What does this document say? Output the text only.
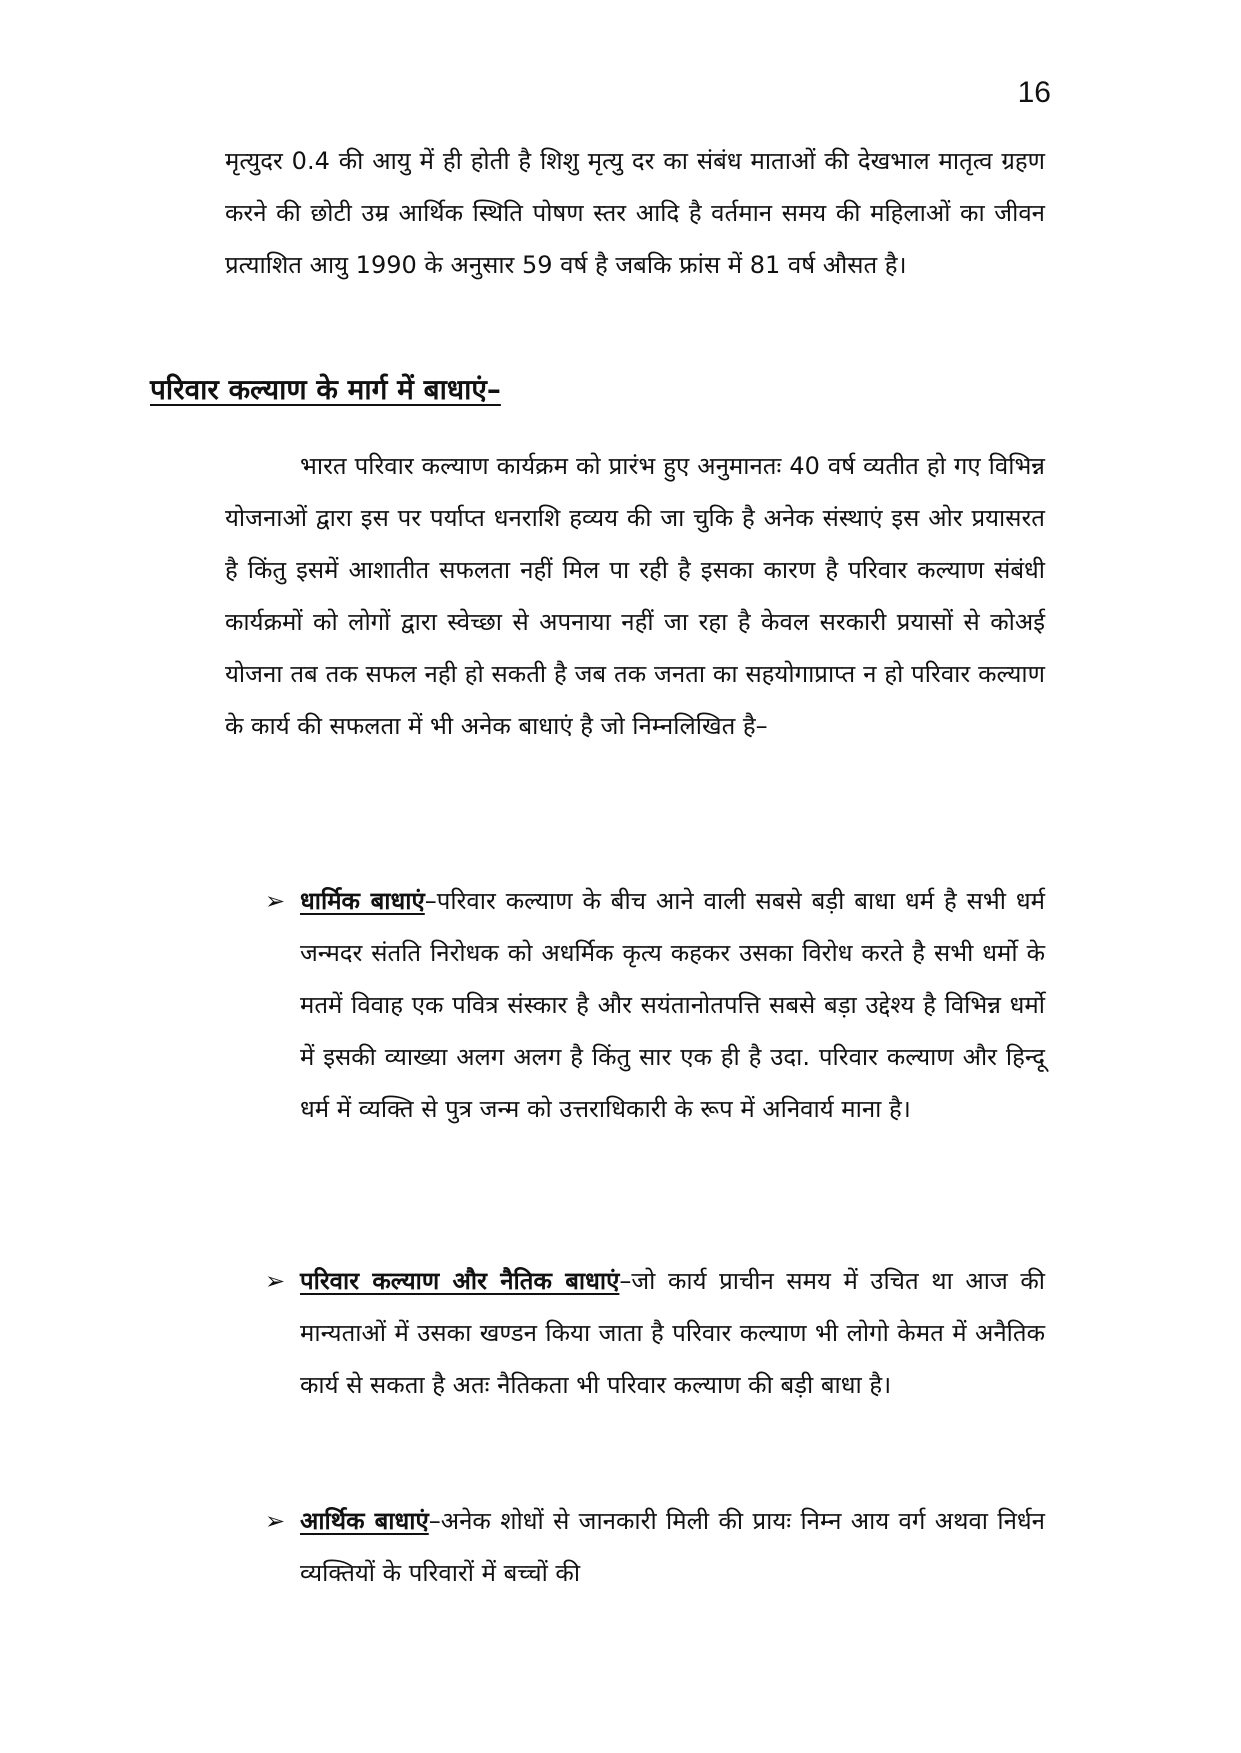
16

मृत्युदर 0.4 की आयु में ही होती है शिशु मृत्यु दर का संबंध माताओं की देखभाल मातृत्व ग्रहण करने की छोटी उम्र आर्थिक स्थिति पोषण स्तर आदि है वर्तमान समय की महिलाओं का जीवन प्रत्याशित आयु 1990 के अनुसार 59 वर्ष है जबकि फ्रांस में 81 वर्ष औसत है।

परिवार कल्याण के मार्ग में बाधाएं–

भारत परिवार कल्याण कार्यक्रम को प्रारंभ हुए अनुमानतः 40 वर्ष व्यतीत हो गए विभिन्न योजनाओं द्वारा इस पर पर्याप्त धनराशि हव्यय की जा चुकि है अनेक संस्थाएं इस ओर प्रयासरत है किंतु इसमें आशातीत सफलता नहीं मिल पा रही है इसका कारण है परिवार कल्याण संबंधी कार्यक्रमों को लोगों द्वारा स्वेच्छा से अपनाया नहीं जा रहा है केवल सरकारी प्रयासों से कोअई योजना तब तक सफल नही हो सकती है जब तक जनता का सहयोगाप्राप्त न हो परिवार कल्याण के कार्य की सफलता में भी अनेक बाधाएं है जो निम्नलिखित है–

➢ धार्मिक बाधाएं–परिवार कल्याण के बीच आने वाली सबसे बड़ी बाधा धर्म है सभी धर्म जन्मदर संतति निरोधक को अधर्मिक कृत्य कहकर उसका विरोध करते है सभी धर्मो के मतमें विवाह एक पवित्र संस्कार है और सयंतानोतपत्ति सबसे बड़ा उद्देश्य है विभिन्न धर्मो में इसकी व्याख्या अलग अलग है किंतु सार एक ही है उदा. परिवार कल्याण और हिन्दू धर्म में व्यक्ति से पुत्र जन्म को उत्तराधिकारी के रूप में अनिवार्य माना है।
➢ परिवार कल्याण और नैतिक बाधाएं–जो कार्य प्राचीन समय में उचित था आज की मान्यताओं में उसका खण्डन किया जाता है परिवार कल्याण भी लोगो केमत में अनैतिक कार्य से सकता है अतः नैतिकता भी परिवार कल्याण की बड़ी बाधा है।
➢ आर्थिक बाधाएं–अनेक शोधों से जानकारी मिली की प्रायः निम्न आय वर्ग अथवा निर्धन व्यक्तियों के परिवारों में बच्चों की
